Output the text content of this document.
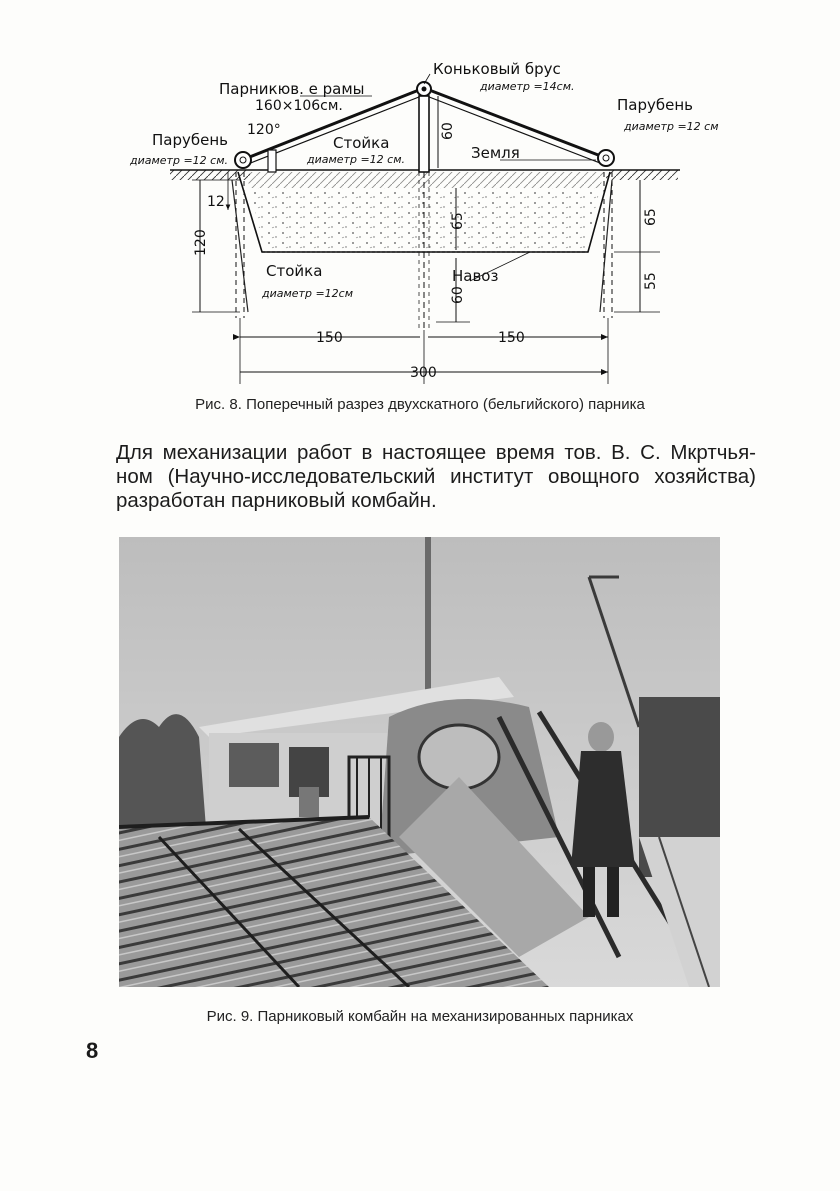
Парникюв. е рамы
160×106см.
Коньковый брус
диаметр =14см.
120°
Парубень
диаметр =12 см.
Парубень
диаметр =12 см
Стойка
диаметр =12 см.	Земля
Стойка
диаметр =12см
Навоз
60
12
120
65
60
65
55
150	150
300
Рис. 8. Поперечный разрез двухскатного (бельгийского) парника
Для механизации работ в настоящее время тов. В. С. Мкртчья-ном (Научно-исследовательский институт овощного хозяйства) разработан парниковый комбайн.
Рис. 9. Парниковый комбайн на механизированных парниках
8
